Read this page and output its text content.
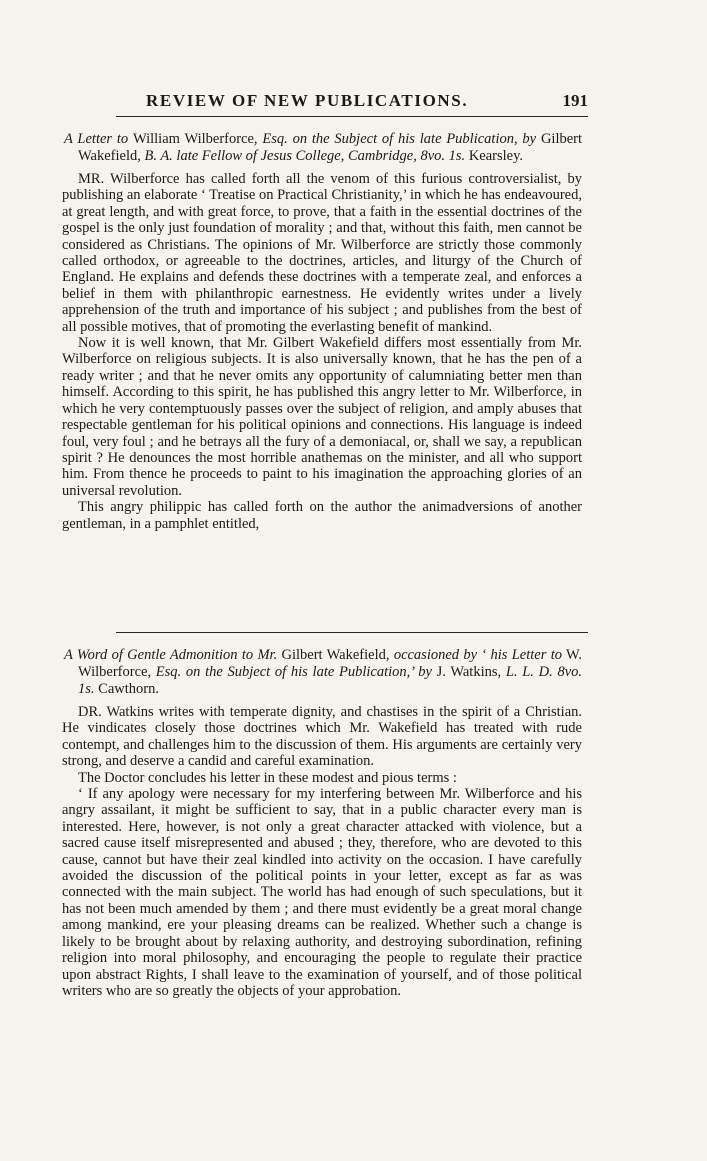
REVIEW OF NEW PUBLICATIONS.	191

A Letter to William Wilberforce, Esq. on the Subject of his late Publication, by Gilbert Wakefield, B. A. late Fellow of Jesus College, Cambridge, 8vo. 1s. Kearsley.

MR. Wilberforce has called forth all the venom of this furious controversialist, by publishing an elaborate ‘ Treatise on Practical Christianity,’ in which he has endeavoured, at great length, and with great force, to prove, that a faith in the essential doctrines of the gospel is the only just foundation of morality ; and that, without this faith, men cannot be considered as Christians. The opinions of Mr. Wilberforce are strictly those commonly called orthodox, or agreeable to the doctrines, articles, and liturgy of the Church of England. He explains and defends these doctrines with a temperate zeal, and enforces a belief in them with philanthropic earnestness. He evidently writes under a lively apprehension of the truth and importance of his subject ; and publishes from the best of all possible motives, that of promoting the everlasting benefit of mankind.

Now it is well known, that Mr. Gilbert Wakefield differs most essentially from Mr. Wilberforce on religious subjects. It is also universally known, that he has the pen of a ready writer ; and that he never omits any opportunity of calumniating better men than himself. According to this spirit, he has published this angry letter to Mr. Wilberforce, in which he very contemptuously passes over the subject of religion, and amply abuses that respectable gentleman for his political opinions and connections. His language is indeed foul, very foul ; and he betrays all the fury of a demoniacal, or, shall we say, a republican spirit ? He denounces the most horrible anathemas on the minister, and all who support him. From thence he proceeds to paint to his imagination the approaching glories of an universal revolution.

This angry philippic has called forth on the author the animadversions of another gentleman, in a pamphlet entitled,

A Word of Gentle Admonition to Mr. Gilbert Wakefield, occasioned by ‘ his Letter to W. Wilberforce, Esq. on the Subject of his late Publication,’ by J. Watkins, L. L. D. 8vo. 1s. Cawthorn.

DR. Watkins writes with temperate dignity, and chastises in the spirit of a Christian. He vindicates closely those doctrines which Mr. Wakefield has treated with rude contempt, and challenges him to the discussion of them. His arguments are certainly very strong, and deserve a candid and careful examination.

The Doctor concludes his letter in these modest and pious terms :

‘ If any apology were necessary for my interfering between Mr. Wilberforce and his angry assailant, it might be sufficient to say, that in a public character every man is interested. Here, however, is not only a great character attacked with violence, but a sacred cause itself misrepresented and abused ; they, therefore, who are devoted to this cause, cannot but have their zeal kindled into activity on the occasion. I have carefully avoided the discussion of the political points in your letter, except as far as was connected with the main subject. The world has had enough of such speculations, but it has not been much amended by them ; and there must evidently be a great moral change among mankind, ere your pleasing dreams can be realized. Whether such a change is likely to be brought about by relaxing authority, and destroying subordination, refining religion into moral philosophy, and encouraging the people to regulate their practice upon abstract Rights, I shall leave to the examination of yourself, and of those political writers who are so greatly the objects of your approbation.
